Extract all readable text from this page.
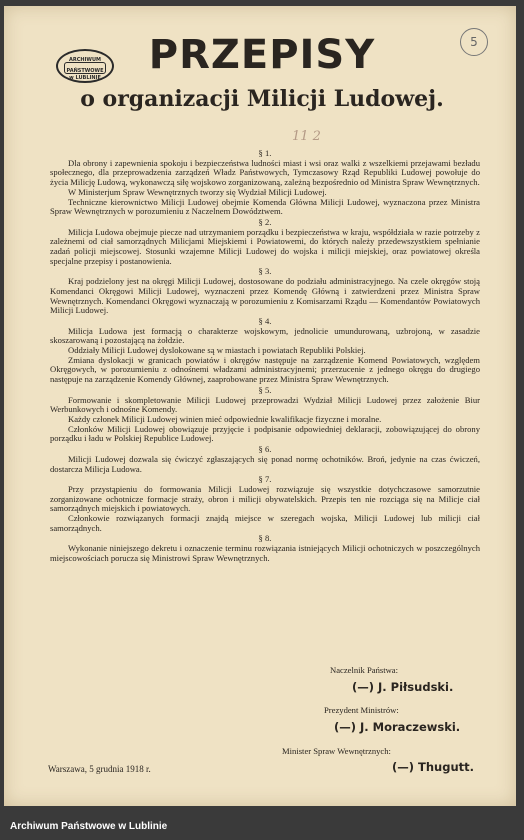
ARCHIWUM
PAŃSTWOWE
w LUBLINIE
5
11 2
PRZEPISY
o organizacji Milicji Ludowej.
§ 1.

Dla obrony i zapewnienia spokoju i bezpieczeństwa ludności miast i wsi oraz walki z wszelkiemi przejawami bezładu społecznego, dla przeprowadzenia zarządzeń Władz Państwowych, Tymczasowy Rząd Republiki Ludowej powołuje do życia Milicję Ludową, wykonawczą siłę wojskowo zorganizowaną, zależną bezpośrednio od Ministra Spraw Wewnętrznych.

W Ministerjum Spraw Wewnętrznych tworzy się Wydział Milicji Ludowej.

Techniczne kierownictwo Milicji Ludowej obejmie Komenda Główna Milicji Ludowej, wyznaczona przez Ministra Spraw Wewnętrznych w porozumieniu z Naczelnem Dowództwem.

§ 2.

Milicja Ludowa obejmuje piecze nad utrzymaniem porządku i bezpieczeństwa w kraju, współdziała w razie potrzeby z zależnemi od ciał samorządnych Milicjami Miejskiemi i Powiatowemi, do których należy przedewszystkiem spełnianie zadań policji miejscowej. Stosunki wzajemne Milicji Ludowej do wojska i milicji miejskiej, oraz powiatowej określa specjalne przepisy i postanowienia.

§ 3.

Kraj podzielony jest na okręgi Milicji Ludowej, dostosowane do podziału administracyjnego. Na czele okręgów stoją Komendanci Okręgowi Milicji Ludowej, wyznaczeni przez Komendę Główną i zatwierdzeni przez Ministra Spraw Wewnętrznych. Komendanci Okręgowi wyznaczają w porozumieniu z Komisarzami Rządu — Komendantów Powiatowych Milicji Ludowej.

§ 4.

Milicja Ludowa jest formacją o charakterze wojskowym, jednolicie umundurowaną, uzbrojoną, w zasadzie skoszarowaną i pozostającą na żołdzie.

Oddziały Milicji Ludowej dyslokowane są w miastach i powiatach Republiki Polskiej.

Zmiana dyslokacji w granicach powiatów i okręgów następuje na zarządzenie Komend Powiatowych, względem Okręgowych, w porozumieniu z odnośnemi władzami administracyjnemi; przerzucenie z jednego okręgu do drugiego następuje na zarządzenie Komendy Głównej, zaaprobowane przez Ministra Spraw Wewnętrznych.

§ 5.

Formowanie i skompletowanie Milicji Ludowej przeprowadzi Wydział Milicji Ludowej przez założenie Biur Werbunkowych i odnośne Komendy.

Każdy członek Milicji Ludowej winien mieć odpowiednie kwalifikacje fizyczne i moralne.

Członków Milicji Ludowej obowiązuje przyjęcie i podpisanie odpowiedniej deklaracji, zobowiązującej do obrony porządku i ładu w Polskiej Republice Ludowej.

§ 6.

Milicji Ludowej dozwala się ćwiczyć zgłaszających się ponad normę ochotników. Broń, jedynie na czas ćwiczeń, dostarcza Milicja Ludowa.

§ 7.

Przy przystąpieniu do formowania Milicji Ludowej rozwiązuje się wszystkie dotychczasowe samorzutnie zorganizowane ochotnicze formacje straży, obron i milicji obywatelskich. Przepis ten nie rozciąga się na Milicje ciał samorządnych miejskich i powiatowych.

Członkowie rozwiązanych formacji znajdą miejsce w szeregach wojska, Milicji Ludowej lub milicji ciał samorządnych.

§ 8.

Wykonanie niniejszego dekretu i oznaczenie terminu rozwiązania istniejących Milicji ochotniczych w poszczególnych miejscowościach porucza się Ministrowi Spraw Wewnętrznych.

Naczelnik Państwa:
(—) J. Piłsudski.
Prezydent Ministrów:
(—) J. Moraczewski.
Minister Spraw Wewnętrznych:
(—) Thugutt.
Warszawa, 5 grudnia 1918 r.
Archiwum Państwowe w Lublinie
